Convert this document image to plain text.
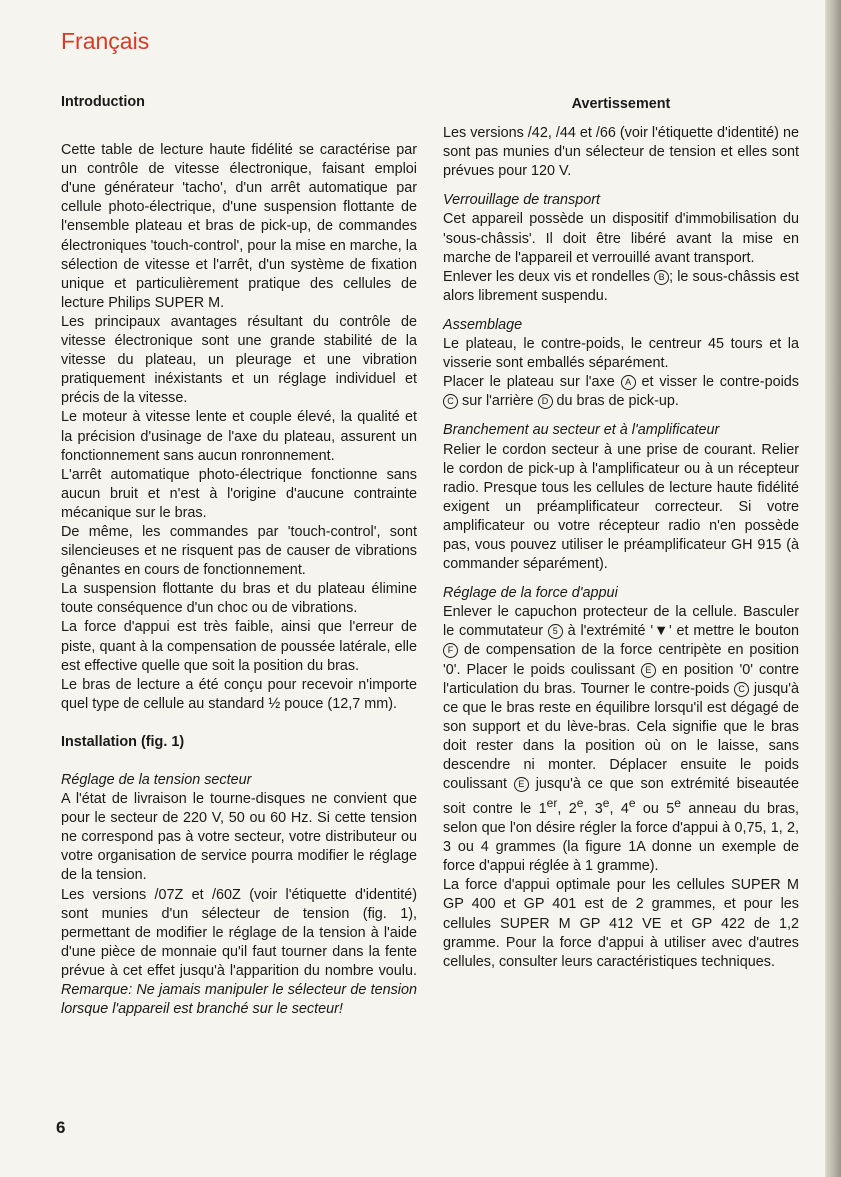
Français

Introduction

Cette table de lecture haute fidélité se caractérise par un contrôle de vitesse électronique, faisant emploi d'une générateur 'tacho', d'un arrêt automatique par cellule photo-électrique, d'une suspension flottante de l'ensemble plateau et bras de pick-up, de commandes électroniques 'touch-control', pour la mise en marche, la sélection de vitesse et l'arrêt, d'un système de fixation unique et particulièrement pratique des cellules de lecture Philips SUPER M.

Les principaux avantages résultant du contrôle de vitesse électronique sont une grande stabilité de la vitesse du plateau, un pleurage et une vibration pratiquement inéxistants et un réglage individuel et précis de la vitesse.

Le moteur à vitesse lente et couple élevé, la qualité et la précision d'usinage de l'axe du plateau, assurent un fonctionnement sans aucun ronronnement.

L'arrêt automatique photo-électrique fonctionne sans aucun bruit et n'est à l'origine d'aucune contrainte mécanique sur le bras.

De même, les commandes par 'touch-control', sont silencieuses et ne risquent pas de causer de vibrations gênantes en cours de fonctionnement.

La suspension flottante du bras et du plateau élimine toute conséquence d'un choc ou de vibrations.

La force d'appui est très faible, ainsi que l'erreur de piste, quant à la compensation de poussée latérale, elle est effective quelle que soit la position du bras.

Le bras de lecture a été conçu pour recevoir n'importe quel type de cellule au standard ½ pouce (12,7 mm).

Installation (fig. 1)

Réglage de la tension secteur

A l'état de livraison le tourne-disques ne convient que pour le secteur de 220 V, 50 ou 60 Hz. Si cette tension ne correspond pas à votre secteur, votre distributeur ou votre organisation de service pourra modifier le réglage de la tension.

Les versions /07Z et /60Z (voir l'étiquette d'identité) sont munies d'un sélecteur de tension (fig. 1), permettant de modifier le réglage de la tension à l'aide d'une pièce de monnaie qu'il faut tourner dans la fente prévue à cet effet jusqu'à l'apparition du nombre voulu. Remarque: Ne jamais manipuler le sélecteur de tension lorsque l'appareil est branché sur le secteur!

Avertissement

Les versions /42, /44 et /66 (voir l'étiquette d'identité) ne sont pas munies d'un sélecteur de tension et elles sont prévues pour 120 V.

Verrouillage de transport

Cet appareil possède un dispositif d'immobilisation du 'sous-châssis'. Il doit être libéré avant la mise en marche de l'appareil et verrouillé avant transport.

Enlever les deux vis et rondelles B ; le sous-châssis est alors librement suspendu.

Assemblage

Le plateau, le contre-poids, le centreur 45 tours et la visserie sont emballés séparément.

Placer le plateau sur l'axe A et visser le contre-poids C sur l'arrière D du bras de pick-up.

Branchement au secteur et à l'amplificateur

Relier le cordon secteur à une prise de courant. Relier le cordon de pick-up à l'amplificateur ou à un récepteur radio. Presque tous les cellules de lecture haute fidélité exigent un préamplificateur correcteur. Si votre amplificateur ou votre récepteur radio n'en possède pas, vous pouvez utiliser le préamplificateur GH 915 (à commander séparément).

Réglage de la force d'appui

Enlever le capuchon protecteur de la cellule. Basculer le commutateur 5 à l'extrémité '▼' et mettre le bouton F de compensation de la force centripète en position '0'. Placer le poids coulissant E en position '0' contre l'articulation du bras. Tourner le contre-poids C jusqu'à ce que le bras reste en équilibre lorsqu'il est dégagé de son support et du lève-bras. Cela signifie que le bras doit rester dans la position où on le laisse, sans descendre ni monter. Déplacer ensuite le poids coulissant E jusqu'à ce que son extrémité biseautée soit contre le 1er, 2e, 3e, 4e ou 5e anneau du bras, selon que l'on désire régler la force d'appui à 0,75, 1, 2, 3 ou 4 grammes (la figure 1A donne un exemple de force d'appui réglée à 1 gramme).

La force d'appui optimale pour les cellules SUPER M GP 400 et GP 401 est de 2 grammes, et pour les cellules SUPER M GP 412 VE et GP 422 de 1,2 gramme. Pour la force d'appui à utiliser avec d'autres cellules, consulter leurs caractéristiques techniques.

6
